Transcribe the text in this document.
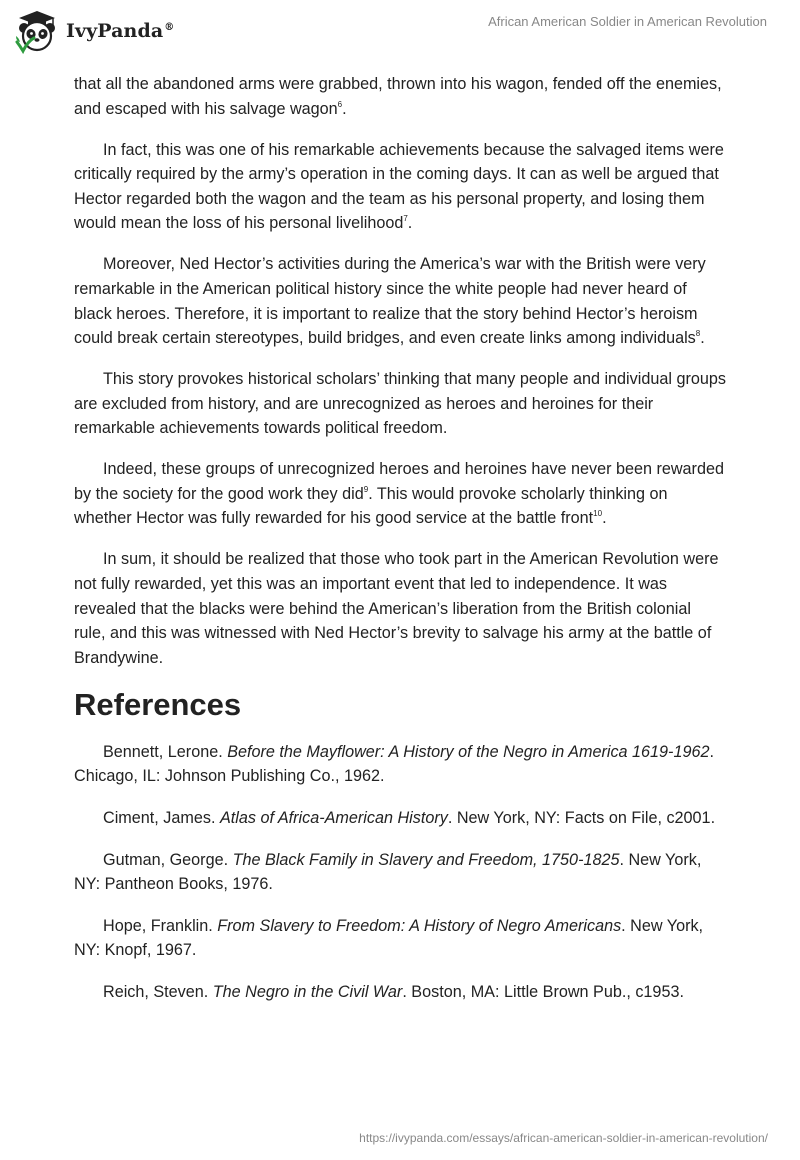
IvyPanda®	African American Soldier in American Revolution

that all the abandoned arms were grabbed, thrown into his wagon, fended off the enemies, and escaped with his salvage wagon$^6$.

In fact, this was one of his remarkable achievements because the salvaged items were critically required by the army’s operation in the coming days. It can as well be argued that Hector regarded both the wagon and the team as his personal property, and losing them would mean the loss of his personal livelihood$^7$.

Moreover, Ned Hector’s activities during the America’s war with the British were very remarkable in the American political history since the white people had never heard of black heroes. Therefore, it is important to realize that the story behind Hector’s heroism could break certain stereotypes, build bridges, and even create links among individuals$^8$.

This story provokes historical scholars’ thinking that many people and individual groups are excluded from history, and are unrecognized as heroes and heroines for their remarkable achievements towards political freedom.

Indeed, these groups of unrecognized heroes and heroines have never been rewarded by the society for the good work they did$^9$. This would provoke scholarly thinking on whether Hector was fully rewarded for his good service at the battle front$^{10}$.

In sum, it should be realized that those who took part in the American Revolution were not fully rewarded, yet this was an important event that led to independence. It was revealed that the blacks were behind the American’s liberation from the British colonial rule, and this was witnessed with Ned Hector’s brevity to salvage his army at the battle of Brandywine.

References

Bennett, Lerone. Before the Mayflower: A History of the Negro in America 1619-1962. Chicago, IL: Johnson Publishing Co., 1962.

Ciment, James. Atlas of Africa-American History. New York, NY: Facts on File, c2001.

Gutman, George. The Black Family in Slavery and Freedom, 1750-1825. New York, NY: Pantheon Books, 1976.

Hope, Franklin. From Slavery to Freedom: A History of Negro Americans. New York, NY: Knopf, 1967.

Reich, Steven. The Negro in the Civil War. Boston, MA: Little Brown Pub., c1953.

https://ivypanda.com/essays/african-american-soldier-in-american-revolution/
